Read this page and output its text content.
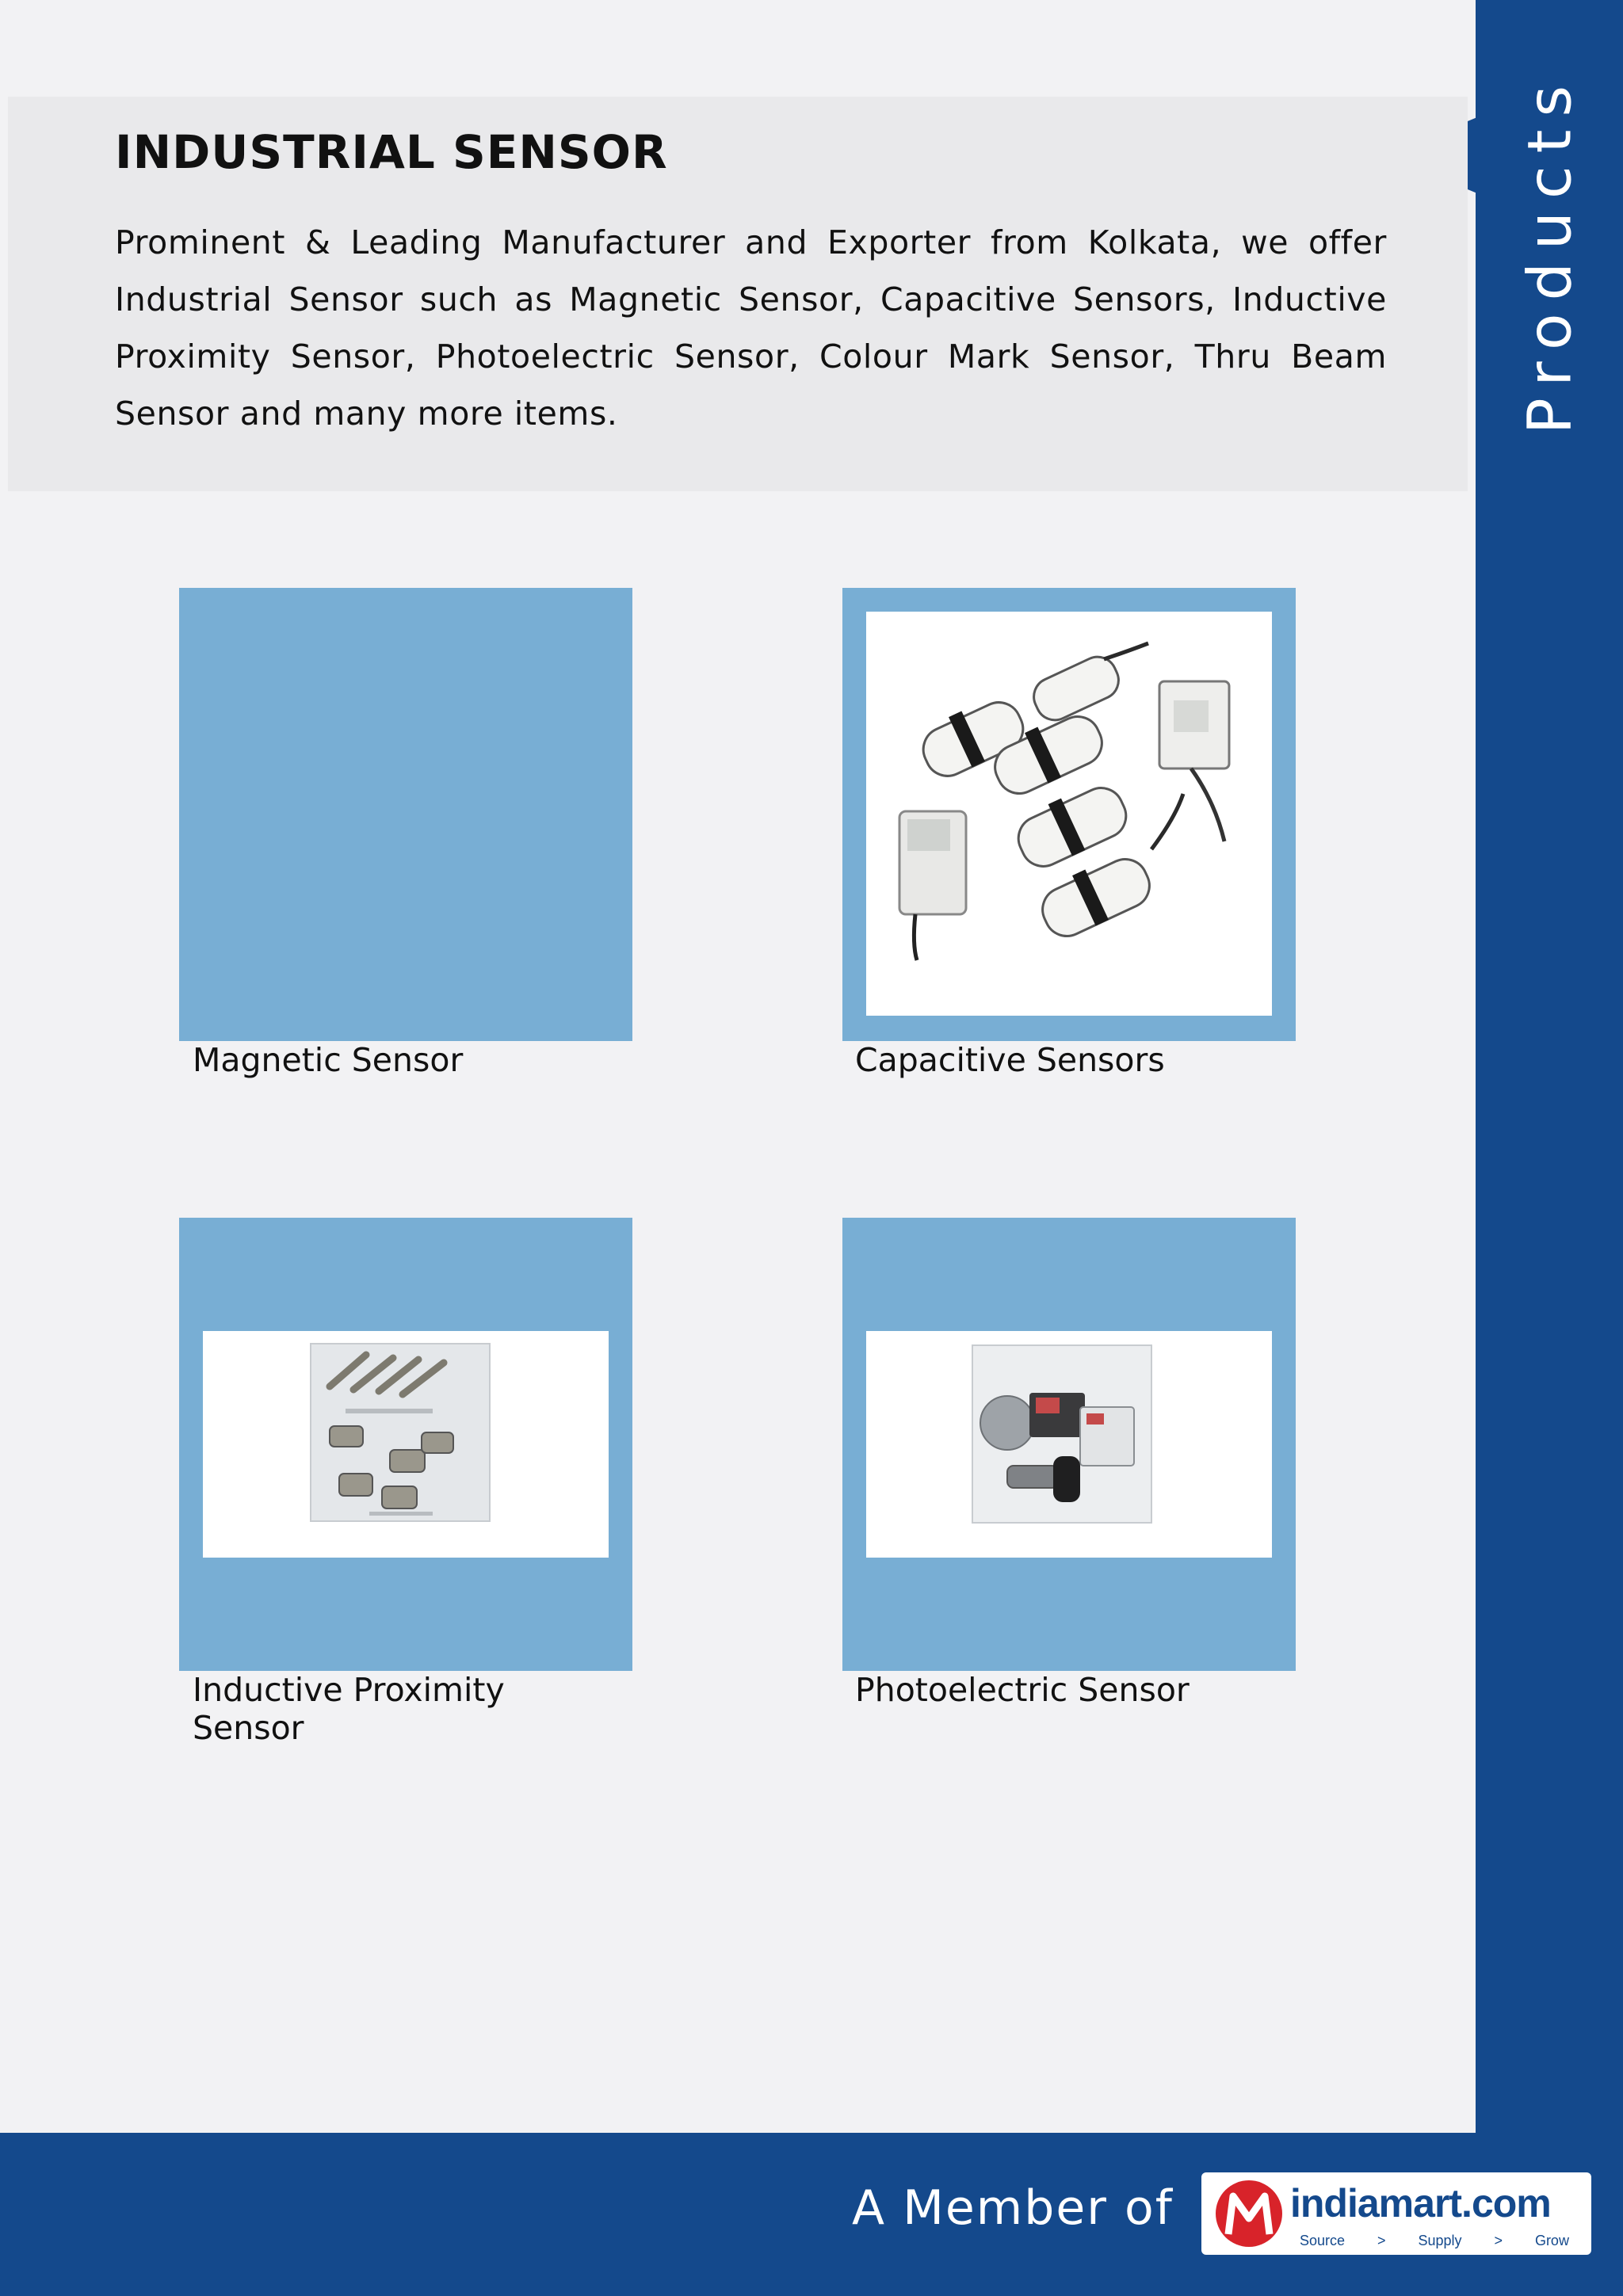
Products
INDUSTRIAL SENSOR

Prominent & Leading Manufacturer and Exporter from Kolkata, we offer Industrial Sensor such as Magnetic Sensor, Capacitive Sensors, Inductive Proximity Sensor, Photoelectric Sensor, Colour Mark Sensor, Thru Beam Sensor and many more items.

Magnetic Sensor	Capacitive Sensors
Inductive Proximity Sensor
Photoelectric Sensor
A Member of	indiamart.com
Source > Supply > Grow
